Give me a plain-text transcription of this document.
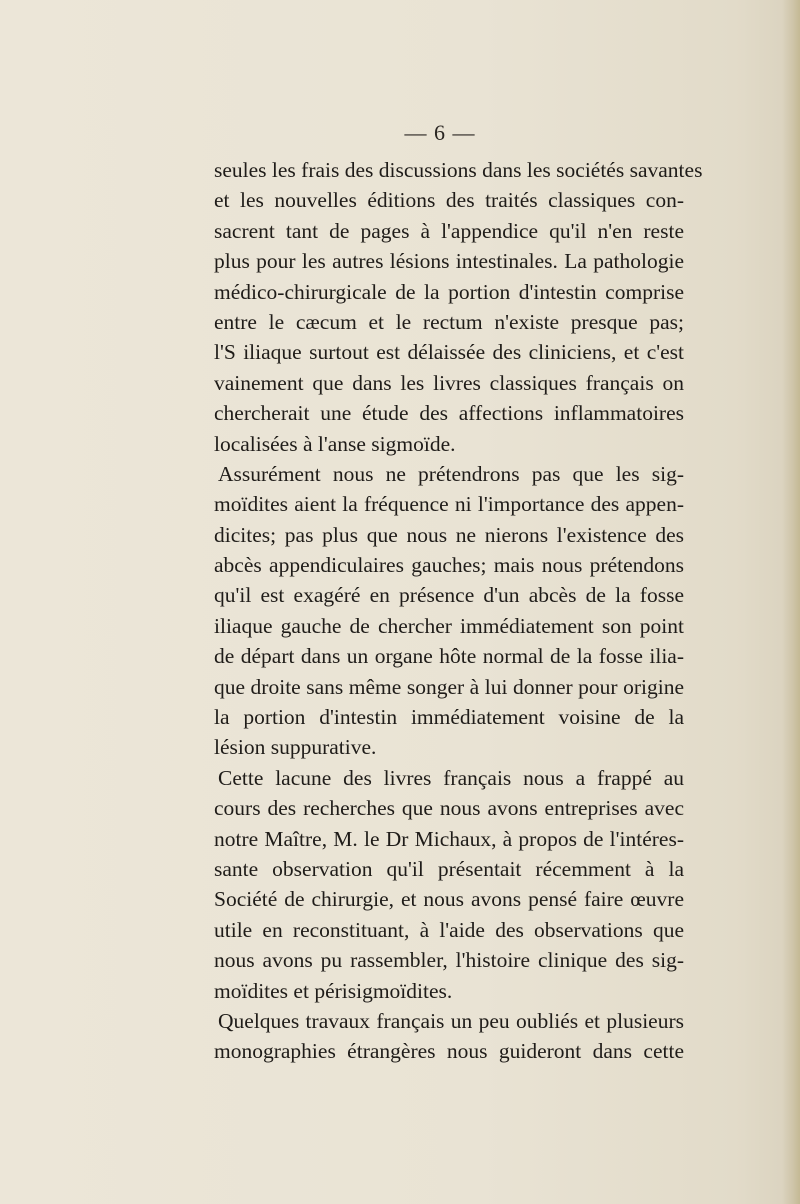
— 6 —
seules les frais des discussions dans les sociétés savantes
et les nouvelles éditions des traités classiques con-
sacrent tant de pages à l'appendice qu'il n'en reste
plus pour les autres lésions intestinales. La pathologie
médico-chirurgicale de la portion d'intestin comprise
entre le cæcum et le rectum n'existe presque pas;
l'S iliaque surtout est délaissée des cliniciens, et c'est
vainement que dans les livres classiques français on
chercherait une étude des affections inflammatoires
localisées à l'anse sigmoïde.
Assurément nous ne prétendrons pas que les sig-
moïdites aient la fréquence ni l'importance des appen-
dicites; pas plus que nous ne nierons l'existence des
abcès appendiculaires gauches; mais nous prétendons
qu'il est exagéré en présence d'un abcès de la fosse
iliaque gauche de chercher immédiatement son point
de départ dans un organe hôte normal de la fosse ilia-
que droite sans même songer à lui donner pour origine
la portion d'intestin immédiatement voisine de la
lésion suppurative.
Cette lacune des livres français nous a frappé au
cours des recherches que nous avons entreprises avec
notre Maître, M. le Dr Michaux, à propos de l'intéres-
sante observation qu'il présentait récemment à la
Société de chirurgie, et nous avons pensé faire œuvre
utile en reconstituant, à l'aide des observations que
nous avons pu rassembler, l'histoire clinique des sig-
moïdites et périsigmoïdites.
Quelques travaux français un peu oubliés et plusieurs
monographies étrangères nous guideront dans cette
